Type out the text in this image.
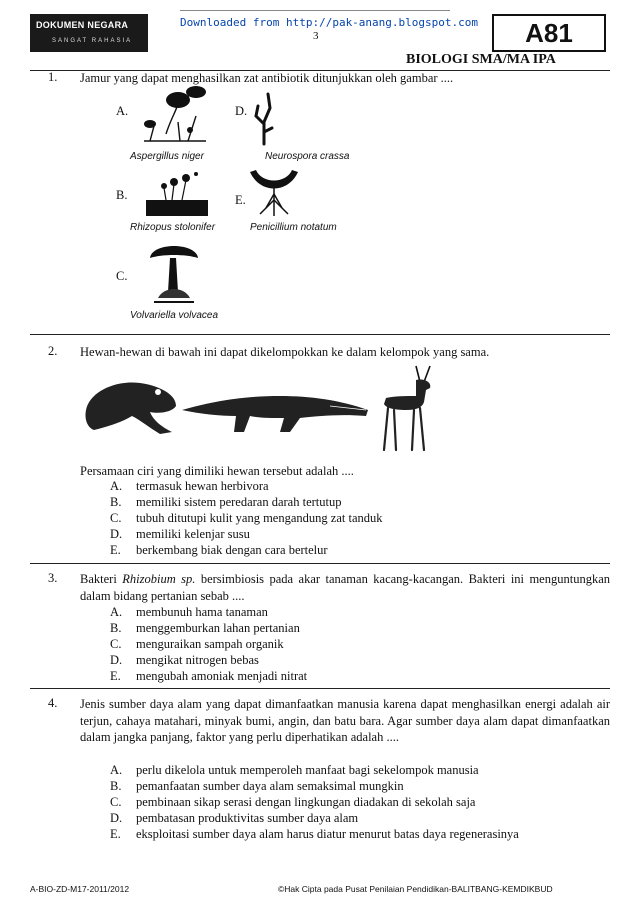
DOKUMEN NEGARA
SANGAT RAHASIA
Downloaded from http://pak-anang.blogspot.com
3	A81
BIOLOGI SMA/MA IPA
1. Jamur yang dapat menghasilkan zat antibiotik ditunjukkan oleh gambar ....
A.
Aspergillus niger
D.
Neurospora crassa
B.
Rhizopus stolonifer
E.
Penicillium notatum
C.
Volvariella volvacea
2. Hewan-hewan di bawah ini dapat dikelompokkan ke dalam kelompok yang sama.
Persamaan ciri yang dimiliki hewan tersebut adalah ....
A. termasuk hewan herbivora
B. memiliki sistem peredaran darah tertutup
C. tubuh ditutupi kulit yang mengandung zat tanduk
D. memiliki kelenjar susu
E. berkembang biak dengan cara bertelur
3. Bakteri Rhizobium sp. bersimbiosis pada akar tanaman kacang-kacangan. Bakteri ini menguntungkan dalam bidang pertanian sebab ....
A. membunuh hama tanaman
B. menggemburkan lahan pertanian
C. menguraikan sampah organik
D. mengikat nitrogen bebas
E. mengubah amoniak menjadi nitrat
4. Jenis sumber daya alam yang dapat dimanfaatkan manusia karena dapat menghasilkan energi adalah air terjun, cahaya matahari, minyak bumi, angin, dan batu bara. Agar sumber daya alam dapat dimanfaatkan dalam jangka panjang, faktor yang perlu diperhatikan adalah ....
A. perlu dikelola untuk memperoleh manfaat bagi sekelompok manusia
B. pemanfaatan sumber daya alam semaksimal mungkin
C. pembinaan sikap serasi dengan lingkungan diadakan di sekolah saja
D. pembatasan produktivitas sumber daya alam
E. eksploitasi sumber daya alam harus diatur menurut batas daya regenerasinya
A-BIO-ZD-M17-2011/2012	©Hak Cipta pada Pusat Penilaian Pendidikan-BALITBANG-KEMDIKBUD
